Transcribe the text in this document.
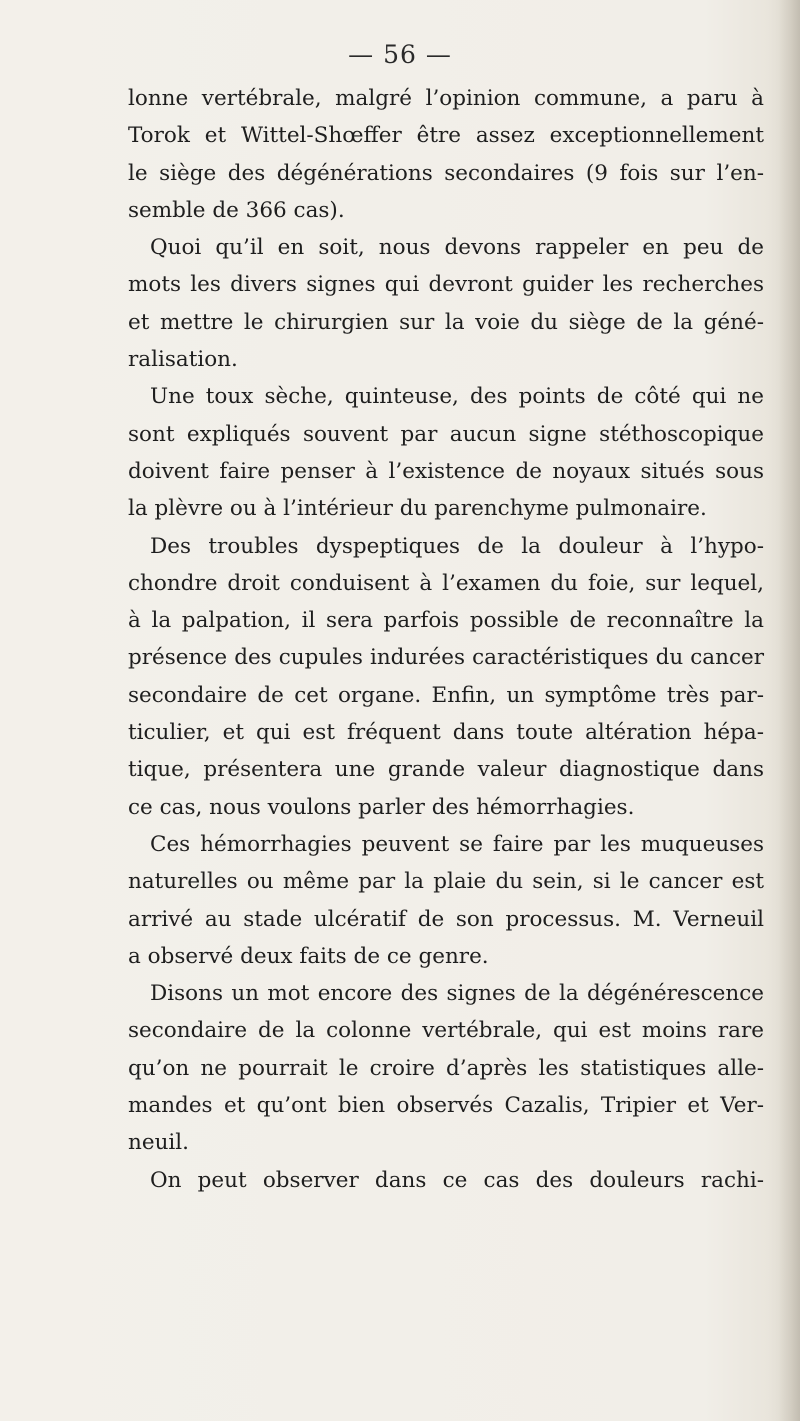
— 56 —
lonne vertébrale, malgré l’opinion commune, a paru à
Torok et Wittel-Shœffer être assez exceptionnellement
le siège des dégénérations secondaires (9 fois sur l’en-
semble de 366 cas).
Quoi qu’il en soit, nous devons rappeler en peu de
mots les divers signes qui devront guider les recherches
et mettre le chirurgien sur la voie du siège de la géné-
ralisation.
Une toux sèche, quinteuse, des points de côté qui ne
sont expliqués souvent par aucun signe stéthoscopique
doivent faire penser à l’existence de noyaux situés sous
la plèvre ou à l’intérieur du parenchyme pulmonaire.
Des troubles dyspeptiques de la douleur à l’hypo-
chondre droit conduisent à l’examen du foie, sur lequel,
à la palpation, il sera parfois possible de reconnaître la
présence des cupules indurées caractéristiques du cancer
secondaire de cet organe. Enfin, un symptôme très par-
ticulier, et qui est fréquent dans toute altération hépa-
tique, présentera une grande valeur diagnostique dans
ce cas, nous voulons parler des hémorrhagies.
Ces hémorrhagies peuvent se faire par les muqueuses
naturelles ou même par la plaie du sein, si le cancer est
arrivé au stade ulcératif de son processus. M. Verneuil
a observé deux faits de ce genre.
Disons un mot encore des signes de la dégénérescence
secondaire de la colonne vertébrale, qui est moins rare
qu’on ne pourrait le croire d’après les statistiques alle-
mandes et qu’ont bien observés Cazalis, Tripier et Ver-
neuil.
On peut observer dans ce cas des douleurs rachi-
